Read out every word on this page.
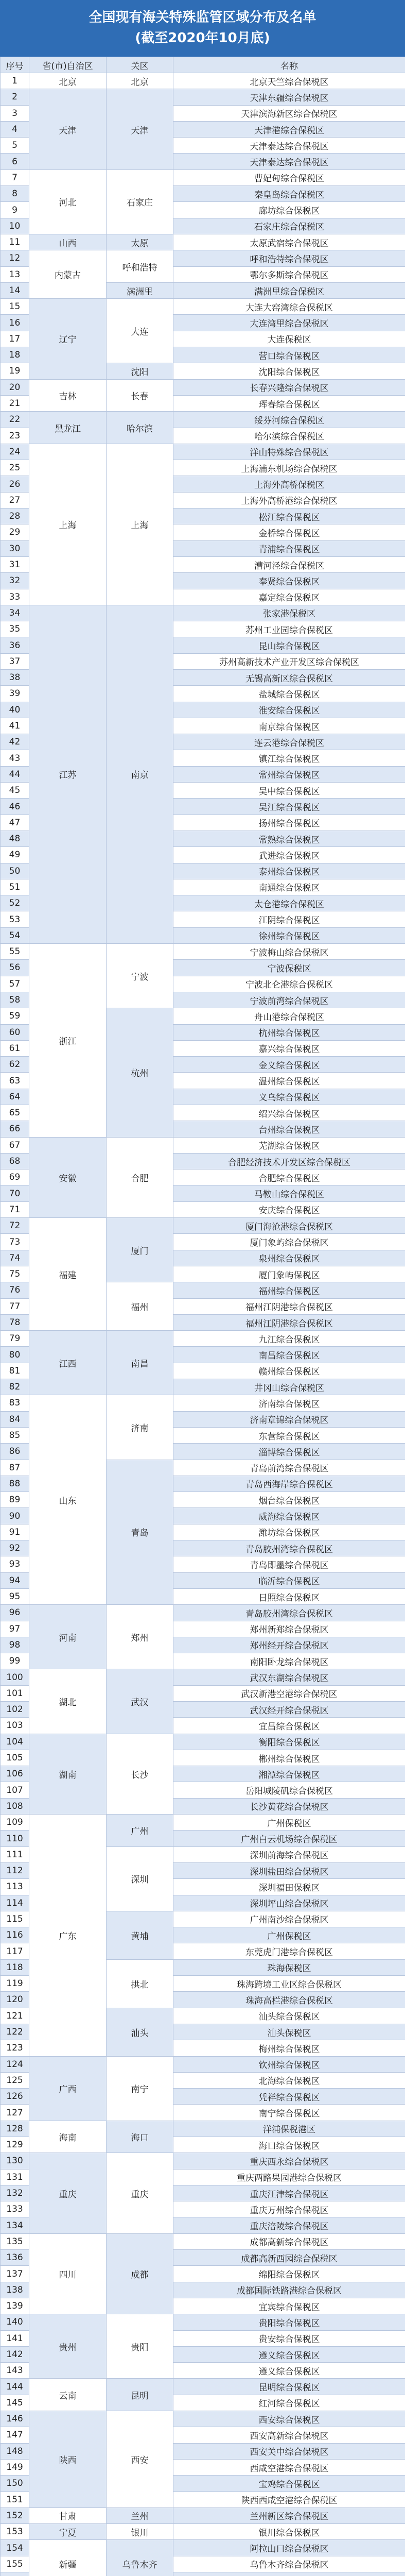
全国现有海关特殊监管区域分布及名单
(截至2020年10月底)
序号	省(市)自治区	关区	名称
1	北京	北京	北京天竺综合保税区
2	天津	天津	天津东疆综合保税区
3			天津滨海新区综合保税区
4			天津港综合保税区
5			天津泰达综合保税区
6			天津泰达综合保税区
7	河北	石家庄	曹妃甸综合保税区
8			秦皇岛综合保税区
9			廊坊综合保税区
10			石家庄综合保税区
11	山西	太原	太原武宿综合保税区
12	内蒙古	呼和浩特	呼和浩特综合保税区
13			鄂尔多斯综合保税区
14		满洲里	满洲里综合保税区
15	辽宁	大连	大连大窑湾综合保税区
16			大连湾里综合保税区
17			大连保税区
18			营口综合保税区
19		沈阳	沈阳综合保税区
20	吉林	长春	长春兴隆综合保税区
21			珲春综合保税区
22	黑龙江	哈尔滨	绥芬河综合保税区
23			哈尔滨综合保税区
24	上海	上海	洋山特殊综合保税区
25			上海浦东机场综合保税区
26			上海外高桥保税区
27			上海外高桥港综合保税区
28			松江综合保税区
29			金桥综合保税区
30			青浦综合保税区
31			漕河泾综合保税区
32			奉贤综合保税区
33			嘉定综合保税区
34	江苏	南京	张家港保税区
35			苏州工业园综合保税区
36			昆山综合保税区
37			苏州高新技术产业开发区综合保税区
38			无锡高新区综合保税区
39			盐城综合保税区
40			淮安综合保税区
41			南京综合保税区
42			连云港综合保税区
43			镇江综合保税区
44			常州综合保税区
45			吴中综合保税区
46			吴江综合保税区
47			扬州综合保税区
48			常熟综合保税区
49			武进综合保税区
50			泰州综合保税区
51			南通综合保税区
52			太仓港综合保税区
53			江阴综合保税区
54			徐州综合保税区
55	浙江	宁波	宁波梅山综合保税区
56			宁波保税区
57			宁波北仑港综合保税区
58			宁波前湾综合保税区
59		杭州	舟山港综合保税区
60			杭州综合保税区
61			嘉兴综合保税区
62			金义综合保税区
63			温州综合保税区
64			义乌综合保税区
65			绍兴综合保税区
66			台州综合保税区
67	安徽	合肥	芜湖综合保税区
68			合肥经济技术开发区综合保税区
69			合肥综合保税区
70			马鞍山综合保税区
71			安庆综合保税区
72	福建	厦门	厦门海沧港综合保税区
73			厦门象屿综合保税区
74			泉州综合保税区
75			厦门象屿保税区
76		福州	福州综合保税区
77			福州江阴港综合保税区
78			福州江阴港综合保税区
79	江西	南昌	九江综合保税区
80			南昌综合保税区
81			赣州综合保税区
82			井冈山综合保税区
83	山东	济南	济南综合保税区
84			济南章锦综合保税区
85			东营综合保税区
86			淄博综合保税区
87		青岛	青岛前湾综合保税区
88			青岛西海岸综合保税区
89			烟台综合保税区
90			威海综合保税区
91			潍坊综合保税区
92			青岛胶州湾综合保税区
93			青岛即墨综合保税区
94			临沂综合保税区
95			日照综合保税区
96	河南	郑州	青岛胶州湾综合保税区
97			郑州新郑综合保税区
98			郑州经开综合保税区
99			南阳卧龙综合保税区
100	湖北	武汉	武汉东湖综合保税区
101			武汉新港空港综合保税区
102			武汉经开综合保税区
103			宜昌综合保税区
104	湖南	长沙	衡阳综合保税区
105			郴州综合保税区
106			湘潭综合保税区
107			岳阳城陵矶综合保税区
108			长沙黄花综合保税区
109	广东	广州	广州保税区
110			广州白云机场综合保税区
111		深圳	深圳前海综合保税区
112			深圳盐田综合保税区
113			深圳福田保税区
114			深圳坪山综合保税区
115		黄埔	广州南沙综合保税区
116			广州保税区
117			东莞虎门港综合保税区
118		拱北	珠海保税区
119			珠海跨境工业区综合保税区
120			珠海高栏港综合保税区
121		汕头	汕头综合保税区
122			汕头保税区
123			梅州综合保税区
124	广西	南宁	钦州综合保税区
125			北海综合保税区
126			凭祥综合保税区
127			南宁综合保税区
128	海南	海口	洋浦保税港区
129			海口综合保税区
130	重庆	重庆	重庆西永综合保税区
131			重庆两路果园港综合保税区
132			重庆江津综合保税区
133			重庆万州综合保税区
134			重庆涪陵综合保税区
135	四川	成都	成都高新综合保税区
136			成都高新西园综合保税区
137			绵阳综合保税区
138			成都国际铁路港综合保税区
139			宜宾综合保税区
140	贵州	贵阳	贵阳综合保税区
141			贵安综合保税区
142			遵义综合保税区
143			遵义综合保税区
144	云南	昆明	昆明综合保税区
145			红河综合保税区
146	陕西	西安	西安综合保税区
147			西安高新综合保税区
148			西安关中综合保税区
149			西咸空港综合保税区
150			宝鸡综合保税区
151			陕西西咸空港综合保税区
152	甘肃	兰州	兰州新区综合保税区
153	宁夏	银川	银川综合保税区
154	新疆	乌鲁木齐	阿拉山口综合保税区
155			乌鲁木齐综合保税区
